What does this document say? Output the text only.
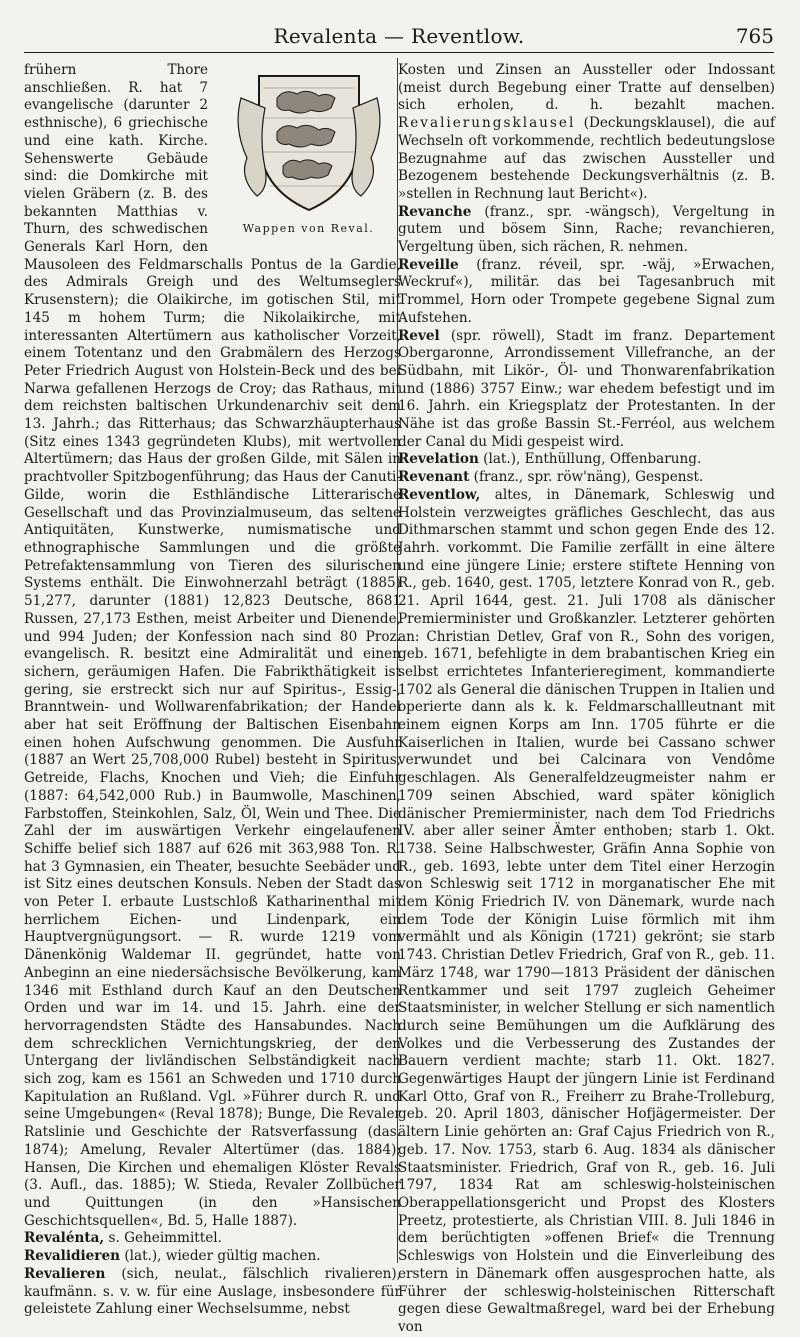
Revalenta — Reventlow.	765
Wappen von Reval.

frühern Thore anschließen. R. hat 7 evangelische (darunter 2 esthnische), 6 griechische und eine kath. Kirche. Sehenswerte Gebäude sind: die Domkirche mit vielen Gräbern (z. B. des bekannten Matthias v. Thurn, des schwedischen Generals Karl Horn, den Mausoleen des Feldmarschalls Pontus de la Gardie, des Admirals Greigh und des Weltumseglers Krusenstern); die Olaikirche, im gotischen Stil, mit 145 m hohem Turm; die Nikolaikirche, mit interessanten Altertümern aus katholischer Vorzeit, einem Totentanz und den Grabmälern des Herzogs Peter Friedrich August von Holstein-Beck und des bei Narwa gefallenen Herzogs de Croy; das Rathaus, mit dem reichsten baltischen Urkundenarchiv seit dem 13. Jahrh.; das Ritterhaus; das Schwarzhäupterhaus (Sitz eines 1343 gegründeten Klubs), mit wertvollen Altertümern; das Haus der großen Gilde, mit Sälen in prachtvoller Spitzbogenführung; das Haus der Canuti-Gilde, worin die Esthländische Litterarische Gesellschaft und das Provinzialmuseum, das seltene Antiquitäten, Kunstwerke, numismatische und ethnographische Sammlungen und die größte Petrefaktensammlung von Tieren des silurischen Systems enthält. Die Einwohnerzahl beträgt (1885) 51,277, darunter (1881) 12,823 Deutsche, 8681 Russen, 27,173 Esthen, meist Arbeiter und Dienende, und 994 Juden; der Konfession nach sind 80 Proz. evangelisch. R. besitzt eine Admiralität und einen sichern, geräumigen Hafen. Die Fabrikthätigkeit ist gering, sie erstreckt sich nur auf Spiritus-, Essig-, Branntwein- und Wollwarenfabrikation; der Handel aber hat seit Eröffnung der Baltischen Eisenbahn einen hohen Aufschwung genommen. Die Ausfuhr (1887 an Wert 25,708,000 Rubel) besteht in Spiritus, Getreide, Flachs, Knochen und Vieh; die Einfuhr (1887: 64,542,000 Rub.) in Baumwolle, Maschinen, Farbstoffen, Steinkohlen, Salz, Öl, Wein und Thee. Die Zahl der im auswärtigen Verkehr eingelaufenen Schiffe belief sich 1887 auf 626 mit 363,988 Ton. R. hat 3 Gymnasien, ein Theater, besuchte Seebäder und ist Sitz eines deutschen Konsuls. Neben der Stadt das von Peter I. erbaute Lustschloß Katharinenthal mit herrlichem Eichen- und Lindenpark, ein Hauptvergnügungsort. — R. wurde 1219 vom Dänenkönig Waldemar II. gegründet, hatte von Anbeginn an eine niedersächsische Bevölkerung, kam 1346 mit Esthland durch Kauf an den Deutschen Orden und war im 14. und 15. Jahrh. eine der hervorragendsten Städte des Hansabundes. Nach dem schrecklichen Vernichtungskrieg, der den Untergang der livländischen Selbständigkeit nach sich zog, kam es 1561 an Schweden und 1710 durch Kapitulation an Rußland. Vgl. »Führer durch R. und seine Umgebungen« (Reval 1878); Bunge, Die Revaler Ratslinie und Geschichte der Ratsverfassung (das. 1874); Amelung, Revaler Altertümer (das. 1884); Hansen, Die Kirchen und ehemaligen Klöster Revals (3. Aufl., das. 1885); W. Stieda, Revaler Zollbücher und Quittungen (in den »Hansischen Geschichtsquellen«, Bd. 5, Halle 1887).

Revalénta, s. Geheimmittel.

Revalidieren (lat.), wieder gültig machen.

Revalieren (sich, neulat., fälschlich rivalieren), kaufmänn. s. v. w. für eine Auslage, insbesondere für geleistete Zahlung einer Wechselsumme, nebst

Kosten und Zinsen an Aussteller oder Indossant (meist durch Begebung einer Tratte auf denselben) sich erholen, d. h. bezahlt machen. Revalierungsklausel (Deckungsklausel), die auf Wechseln oft vorkommende, rechtlich bedeutungslose Bezugnahme auf das zwischen Aussteller und Bezogenem bestehende Deckungsverhältnis (z. B. »stellen in Rechnung laut Bericht«).

Revanche (franz., spr. -wängsch), Vergeltung in gutem und bösem Sinn, Rache; revanchieren, Vergeltung üben, sich rächen, R. nehmen.

Reveille (franz. réveil, spr. -wäj, »Erwachen, Weckruf«), militär. das bei Tagesanbruch mit Trommel, Horn oder Trompete gegebene Signal zum Aufstehen.

Revel (spr. röwell), Stadt im franz. Departement Obergaronne, Arrondissement Villefranche, an der Südbahn, mit Likör-, Öl- und Thonwarenfabrikation und (1886) 3757 Einw.; war ehedem befestigt und im 16. Jahrh. ein Kriegsplatz der Protestanten. In der Nähe ist das große Bassin St.-Ferréol, aus welchem der Canal du Midi gespeist wird.

Revelation (lat.), Enthüllung, Offenbarung.

Revenant (franz., spr. röw'näng), Gespenst.

Reventlow, altes, in Dänemark, Schleswig und Holstein verzweigtes gräfliches Geschlecht, das aus Dithmarschen stammt und schon gegen Ende des 12. Jahrh. vorkommt. Die Familie zerfällt in eine ältere und eine jüngere Linie; erstere stiftete Henning von R., geb. 1640, gest. 1705, letztere Konrad von R., geb. 21. April 1644, gest. 21. Juli 1708 als dänischer Premierminister und Großkanzler. Letzterer gehörten an: Christian Detlev, Graf von R., Sohn des vorigen, geb. 1671, befehligte in dem brabantischen Krieg ein selbst errichtetes Infanterieregiment, kommandierte 1702 als General die dänischen Truppen in Italien und operierte dann als k. k. Feldmarschallleutnant mit einem eignen Korps am Inn. 1705 führte er die Kaiserlichen in Italien, wurde bei Cassano schwer verwundet und bei Calcinara von Vendôme geschlagen. Als Generalfeldzeugmeister nahm er 1709 seinen Abschied, ward später königlich dänischer Premierminister, nach dem Tod Friedrichs IV. aber aller seiner Ämter enthoben; starb 1. Okt. 1738. Seine Halbschwester, Gräfin Anna Sophie von R., geb. 1693, lebte unter dem Titel einer Herzogin von Schleswig seit 1712 in morganatischer Ehe mit dem König Friedrich IV. von Dänemark, wurde nach dem Tode der Königin Luise förmlich mit ihm vermählt und als Königin (1721) gekrönt; sie starb 1743. Christian Detlev Friedrich, Graf von R., geb. 11. März 1748, war 1790—1813 Präsident der dänischen Rentkammer und seit 1797 zugleich Geheimer Staatsminister, in welcher Stellung er sich namentlich durch seine Bemühungen um die Aufklärung des Volkes und die Verbesserung des Zustandes der Bauern verdient machte; starb 11. Okt. 1827. Gegenwärtiges Haupt der jüngern Linie ist Ferdinand Karl Otto, Graf von R., Freiherr zu Brahe-Trolleburg, geb. 20. April 1803, dänischer Hofjägermeister. Der ältern Linie gehörten an: Graf Cajus Friedrich von R., geb. 17. Nov. 1753, starb 6. Aug. 1834 als dänischer Staatsminister. Friedrich, Graf von R., geb. 16. Juli 1797, 1834 Rat am schleswig-holsteinischen Oberappellationsgericht und Propst des Klosters Preetz, protestierte, als Christian VIII. 8. Juli 1846 in dem berüchtigten »offenen Brief« die Trennung Schleswigs von Holstein und die Einverleibung des erstern in Dänemark offen ausgesprochen hatte, als Führer der schleswig-holsteinischen Ritterschaft gegen diese Gewaltmaßregel, ward bei der Erhebung von
